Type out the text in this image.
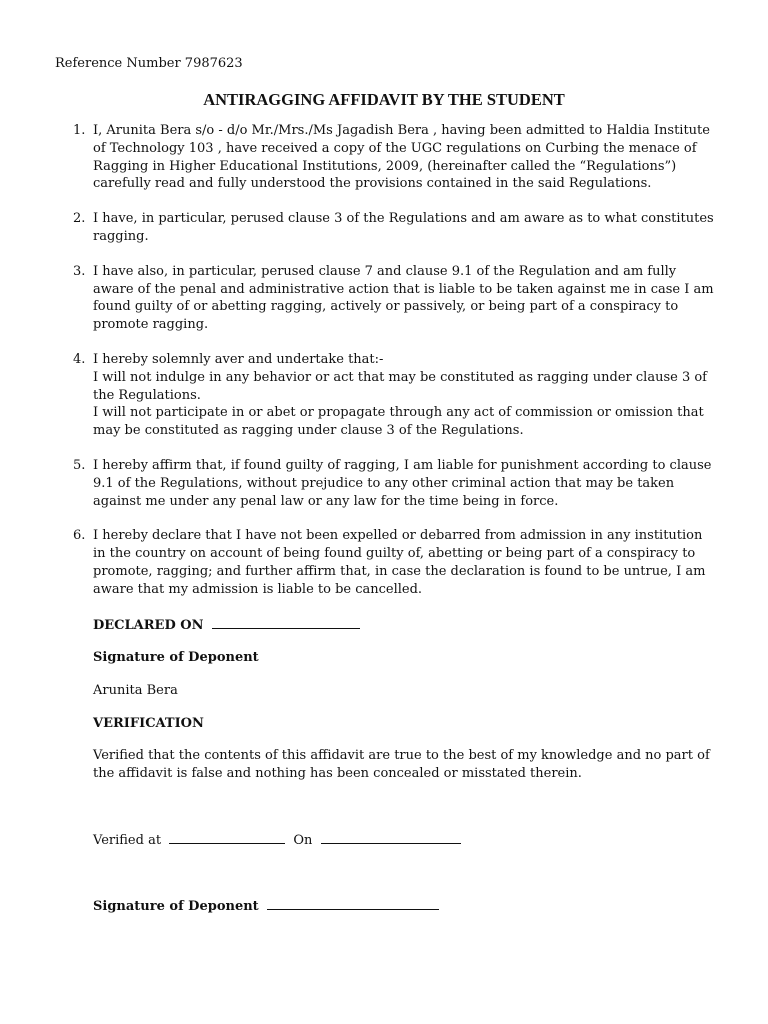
Reference Number 7987623
ANTIRAGGING AFFIDAVIT BY THE STUDENT
1. I, Arunita Bera s/o - d/o Mr./Mrs./Ms Jagadish Bera , having been admitted to Haldia Institute of Technology 103 , have received a copy of the UGC regulations on Curbing the menace of Ragging in Higher Educational Institutions, 2009, (hereinafter called the “Regulations”) carefully read and fully understood the provisions contained in the said Regulations.

2. I have, in particular, perused clause 3 of the Regulations and am aware as to what constitutes ragging.

3. I have also, in particular, perused clause 7 and clause 9.1 of the Regulation and am fully aware of the penal and administrative action that is liable to be taken against me in case I am found guilty of or abetting ragging, actively or passively, or being part of a conspiracy to promote ragging.

4. I hereby solemnly aver and undertake that:-

I will not indulge in any behavior or act that may be constituted as ragging under clause 3 of the Regulations.

I will not participate in or abet or propagate through any act of commission or omission that may be constituted as ragging under clause 3 of the Regulations.

5. I hereby affirm that, if found guilty of ragging, I am liable for punishment according to clause 9.1 of the Regulations, without prejudice to any other criminal action that may be taken against me under any penal law or any law for the time being in force.

6. I hereby declare that I have not been expelled or debarred from admission in any institution in the country on account of being found guilty of, abetting or being part of a conspiracy to promote, ragging; and further affirm that, in case the declaration is found to be untrue, I am aware that my admission is liable to be cancelled.

DECLARED ON
Signature of Deponent
Arunita Bera
VERIFICATION
Verified that the contents of this affidavit are true to the best of my knowledge and no part of the affidavit is false and nothing has been concealed or misstated therein.
Verified at	On
Signature of Deponent
